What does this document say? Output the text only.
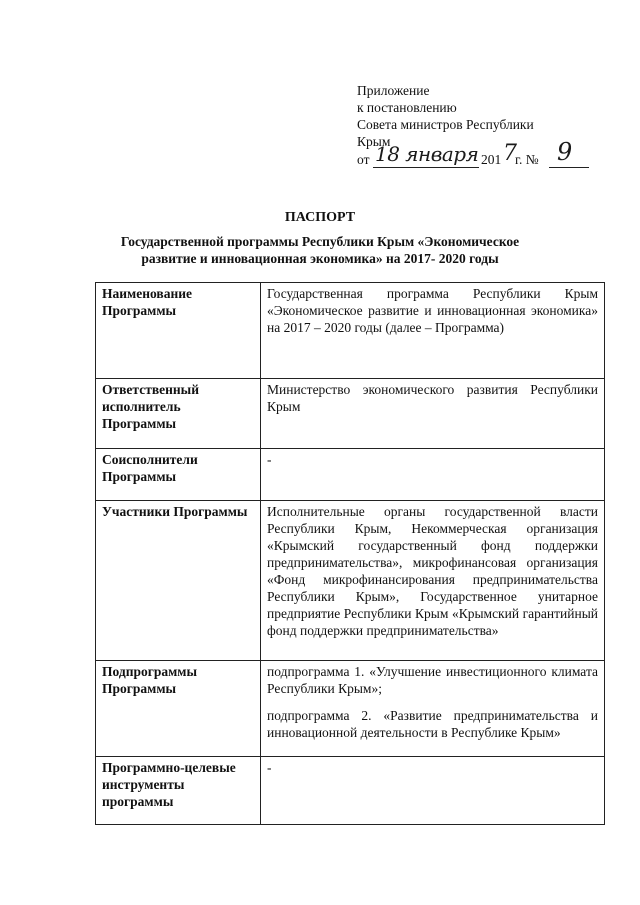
Приложение
к постановлению
Совета министров Республики
Крым
от 18 января 201 7
г. № 9
ПАСПОРТ
Государственной программы Республики Крым «Экономическое развитие и инновационная экономика» на 2017- 2020 годы
Наименование Программы	Государственная программа Республики Крым «Экономическое развитие и инновационная экономика» на 2017 – 2020 годы (далее – Программа)

Ответственный исполнитель Программы	Министерство экономического развития Республики Крым

Соисполнители Программы	-

Участники Программы	Исполнительные органы государственной власти Республики Крым, Некоммерческая организация «Крымский государственный фонд поддержки предпринимательства», микрофинансовая организация «Фонд микрофинансирования предпринимательства Республики Крым», Государственное унитарное предприятие Республики Крым «Крымский гарантийный фонд поддержки предпринимательства»

Подпрограммы Программы	подпрограмма 1. «Улучшение инвестиционного климата Республики Крым»;

подпрограмма 2. «Развитие предпринимательства и инновационной деятельности в Республике Крым»

Программно-целевые инструменты программы	-
